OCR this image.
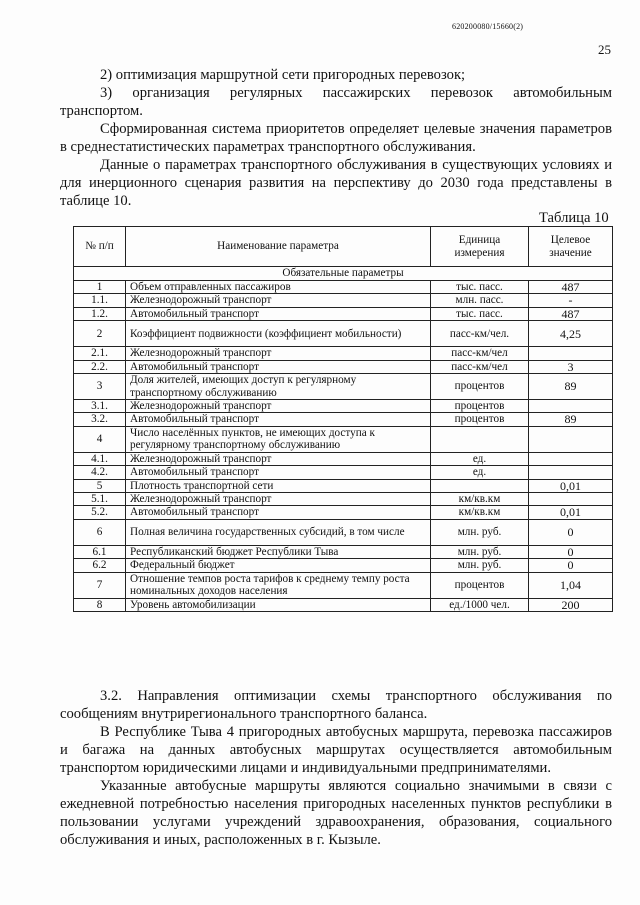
620200080/15660(2)
25

2) оптимизация маршрутной сети пригородных перевозок;

3) организация регулярных пассажирских перевозок автомобильным транспортом.

Сформированная система приоритетов определяет целевые значения параметров в среднестатистических параметрах транспортного обслуживания.

Данные о параметрах транспортного обслуживания в существующих условиях и для инерционного сценария развития на перспективу до 2030 года представлены в таблице 10.

Таблица 10
№ п/п	Наименование параметра	Единица измерения	Целевое значение
Обязательные параметры			
1	Объем отправленных пассажиров	тыс. пасс.	487
1.1.	Железнодорожный транспорт	млн. пасс.	-
1.2.	Автомобильный транспорт	тыс. пасс.	487
2	Коэффициент подвижности (коэффициент мобильности)	пасс-км/чел.	4,25
2.1.	Железнодорожный транспорт	пасс-км/чел	
2.2.	Автомобильный транспорт	пасс-км/чел	3
3	Доля жителей, имеющих доступ к регулярному транспортному обслуживанию	процентов	89
3.1.	Железнодорожный транспорт	процентов	
3.2.	Автомобильный транспорт	процентов	89
4	Число населённых пунктов, не имеющих доступа к регулярному транспортному обслуживанию		
4.1.	Железнодорожный транспорт	ед.	
4.2.	Автомобильный транспорт	ед.	
5	Плотность транспортной сети		0,01
5.1.	Железнодорожный транспорт	км/кв.км	
5.2.	Автомобильный транспорт	км/кв.км	0,01
6	Полная величина государственных субсидий, в том числе	млн. руб.	0
6.1	Республиканский бюджет Республики Тыва	млн. руб.	0
6.2	Федеральный бюджет	млн. руб.	0
7	Отношение темпов роста тарифов к среднему темпу роста номинальных доходов населения	процентов	1,04
8	Уровень автомобилизации	ед./1000 чел.	200

3.2. Направления оптимизации схемы транспортного обслуживания по сообщениям внутрирегионального транспортного баланса.

В Республике Тыва 4 пригородных автобусных маршрута, перевозка пассажиров и багажа на данных автобусных маршрутах осуществляется автомобильным транспортом юридическими лицами и индивидуальными предпринимателями.

Указанные автобусные маршруты являются социально значимыми в связи с ежедневной потребностью населения пригородных населенных пунктов республики в пользовании услугами учреждений здравоохранения, образования, социального обслуживания и иных, расположенных в г. Кызыле.
